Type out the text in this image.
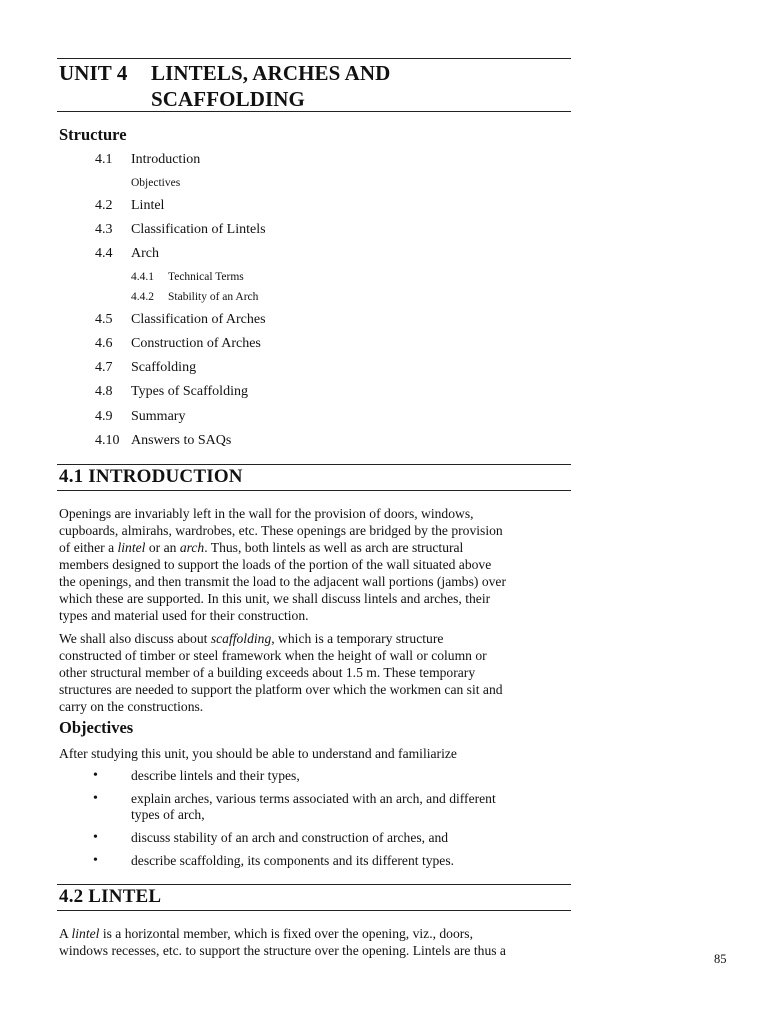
UNIT 4	LINTELS, ARCHES AND
SCAFFOLDING
Structure
4.1 Introduction
Objectives
4.2 Lintel
4.3 Classification of Lintels
4.4 Arch
4.4.1 Technical Terms
4.4.2 Stability of an Arch
4.5 Classification of Arches
4.6 Construction of Arches
4.7 Scaffolding
4.8 Types of Scaffolding
4.9 Summary
4.10 Answers to SAQs
4.1 INTRODUCTION
Openings are invariably left in the wall for the provision of doors, windows,
cupboards, almirahs, wardrobes, etc. These openings are bridged by the provision
of either a lintel or an arch. Thus, both lintels as well as arch are structural
members designed to support the loads of the portion of the wall situated above
the openings, and then transmit the load to the adjacent wall portions (jambs) over
which these are supported. In this unit, we shall discuss lintels and arches, their
types and material used for their construction.
We shall also discuss about scaffolding, which is a temporary structure
constructed of timber or steel framework when the height of wall or column or
other structural member of a building exceeds about 1.5 m. These temporary
structures are needed to support the platform over which the workmen can sit and
carry on the constructions.
Objectives
After studying this unit, you should be able to understand and familiarize
• describe lintels and their types,
• explain arches, various terms associated with an arch, and different
types of arch,
• discuss stability of an arch and construction of arches, and
• describe scaffolding, its components and its different types.
4.2 LINTEL
A lintel is a horizontal member, which is fixed over the opening, viz., doors,
windows recesses, etc. to support the structure over the opening. Lintels are thus a
85
